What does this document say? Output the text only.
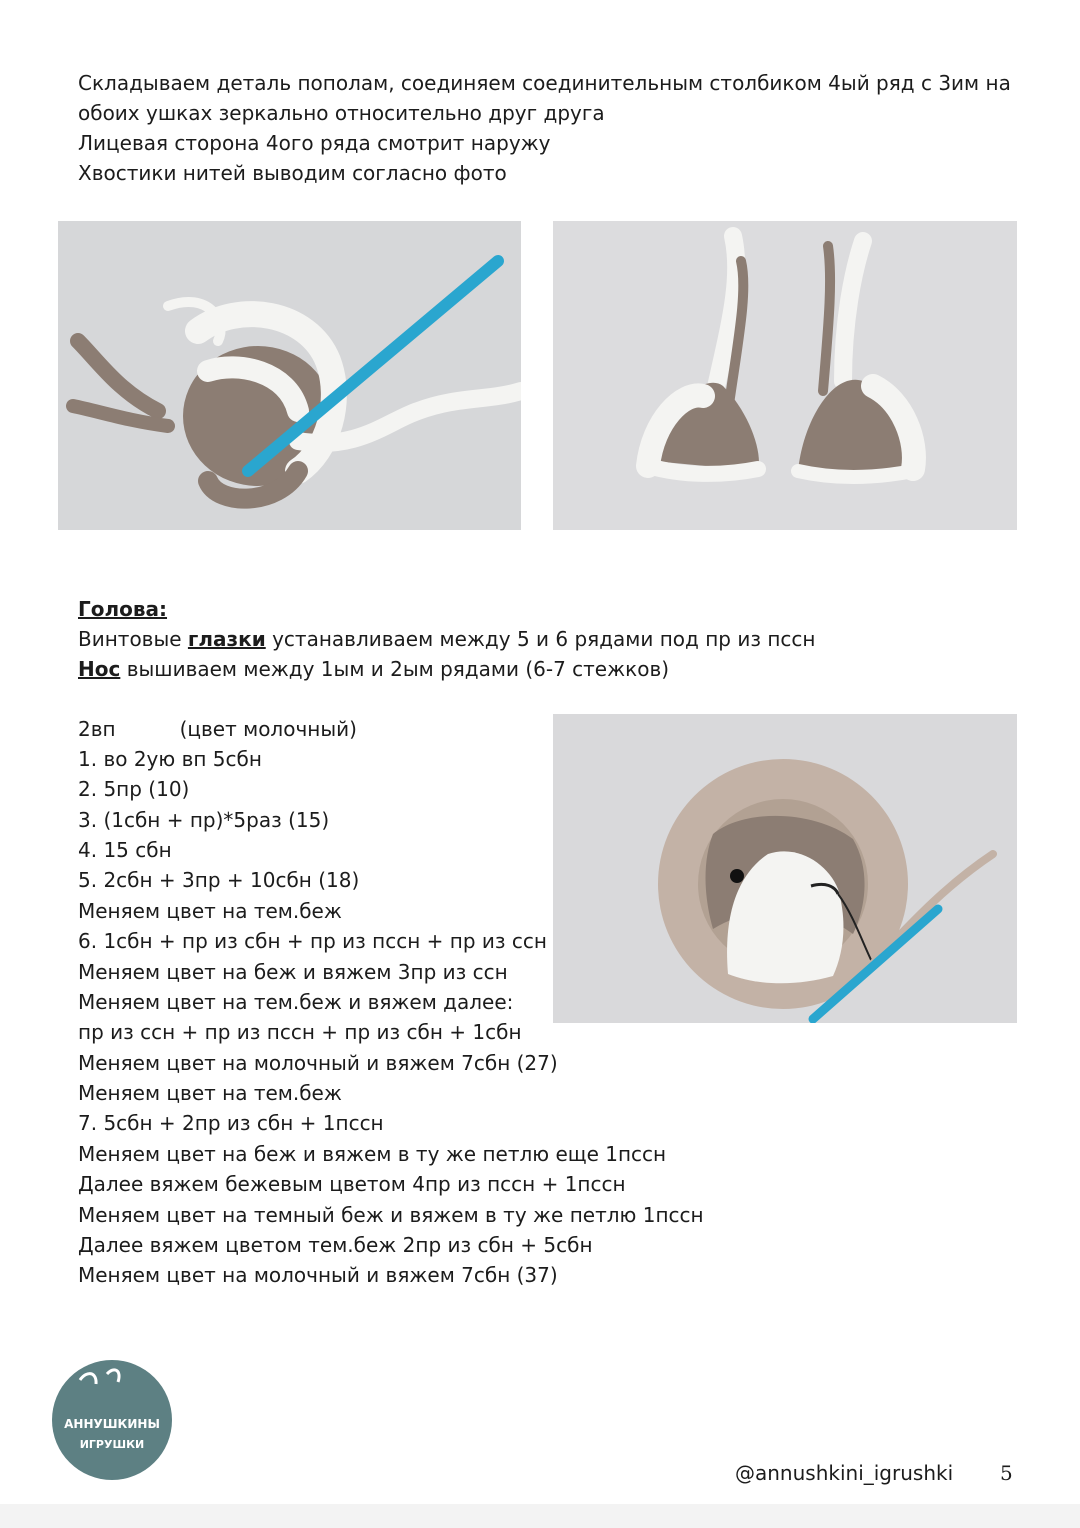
Складываем деталь пополам, соединяем соединительным столбиком 4ый ряд с 3им на
обоих ушках зеркально относительно друг друга
Лицевая сторона 4ого ряда смотрит наружу
Хвостики нитей выводим согласно фото
Голова:
Винтовые глазки устанавливаем между 5 и 6 рядами под пр из пссн
Нос вышиваем между 1ым и 2ым рядами (6-7 стежков)
2вп	(цвет молочный)
1. во 2ую вп 5сбн
2. 5пр (10)
3. (1сбн + пр)*5раз (15)
4. 15 сбн
5. 2сбн + 3пр + 10сбн (18)
Меняем цвет на тем.беж
6. 1сбн + пр из сбн + пр из пссн + пр из ссн
Меняем цвет на беж и вяжем 3пр из ссн
Меняем цвет на тем.беж и вяжем далее:
пр из ссн + пр из пссн + пр из сбн + 1сбн
Меняем цвет на молочный и вяжем 7сбн (27)
Меняем цвет на тем.беж
7. 5сбн + 2пр из сбн + 1пссн
Меняем цвет на беж и вяжем в ту же петлю еще 1пссн
Далее вяжем бежевым цветом 4пр из пссн + 1пссн
Меняем цвет на темный беж и вяжем в ту же петлю 1пссн
Далее вяжем цветом тем.беж 2пр из сбн + 5сбн
Меняем цвет на молочный и вяжем 7сбн (37)
АННУШКИНЫ
ИГРУШКИ
@annushkini_igrushki 5
